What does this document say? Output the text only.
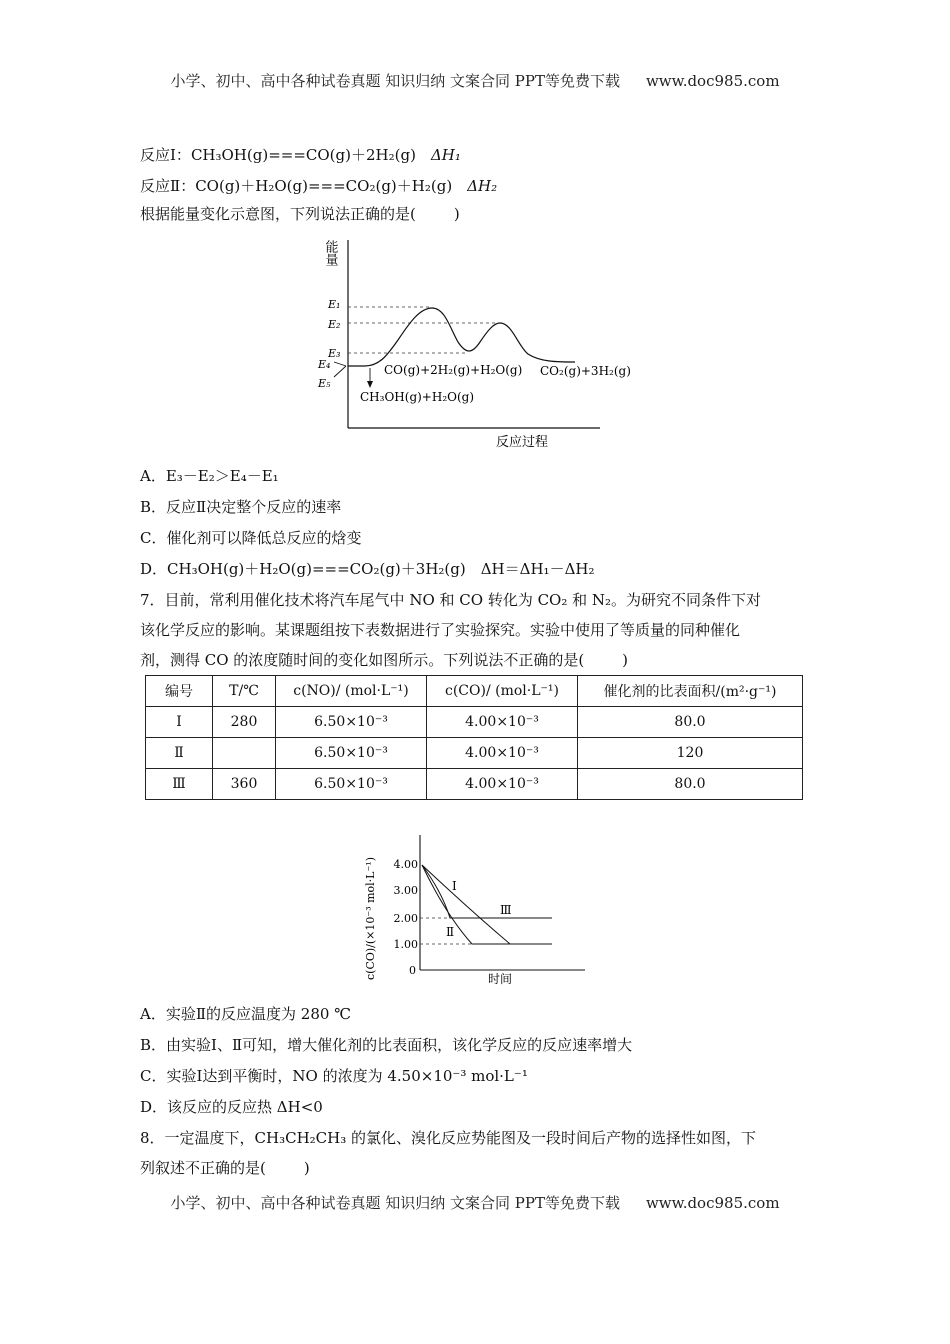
小学、初中、高中各种试卷真题 知识归纳 文案合同 PPT等免费下载 www.doc985.com
反应Ⅰ：CH₃OH(g)===CO(g)＋2H₂(g)　 ΔH₁
反应Ⅱ：CO(g)＋H₂O(g)===CO₂(g)＋H₂(g)　 ΔH₂
根据能量变化示意图，下列说法正确的是(	)
能量
反应过程
E₁
E₂
E₃
E₄
E₅
CO(g)+2H₂(g)+H₂O(g) CO₂(g)+3H₂(g)
CH₃OH(g)+H₂O(g)
A．E₃－E₂＞E₄－E₁
B．反应Ⅱ决定整个反应的速率
C．催化剂可以降低总反应的焓变
D．CH₃OH(g)＋H₂O(g)===CO₂(g)＋3H₂(g)　ΔH＝ΔH₁－ΔH₂
7．目前，常利用催化技术将汽车尾气中 NO 和 CO 转化为 CO₂ 和 N₂。为研究不同条件下对
该化学反应的影响。某课题组按下表数据进行了实验探究。实验中使用了等质量的同种催化
剂，测得 CO 的浓度随时间的变化如图所示。下列说法不正确的是(	)
编号	T/℃	c(NO)/ (mol·L⁻¹)	c(CO)/ (mol·L⁻¹)	催化剂的比表面积/(m²·g⁻¹)
Ⅰ	280	6.50×10⁻³	4.00×10⁻³	80.0
Ⅱ		6.50×10⁻³	4.00×10⁻³	120
Ⅲ	360	6.50×10⁻³	4.00×10⁻³	80.0
c(CO)/(×10⁻³ mol·L⁻¹) 4.00
3.00
2.00
1.00
0
时间
Ⅰ
Ⅱ
Ⅲ
A．实验Ⅱ的反应温度为 280 ℃
B．由实验Ⅰ、Ⅱ可知，增大催化剂的比表面积，该化学反应的反应速率增大
C．实验Ⅰ达到平衡时，NO 的浓度为 4.50×10⁻³ mol·L⁻¹
D．该反应的反应热 ΔH<0
8．一定温度下，CH₃CH₂CH₃ 的氯化、溴化反应势能图及一段时间后产物的选择性如图，下
列叙述不正确的是(	)
小学、初中、高中各种试卷真题 知识归纳 文案合同 PPT等免费下载 www.doc985.com
